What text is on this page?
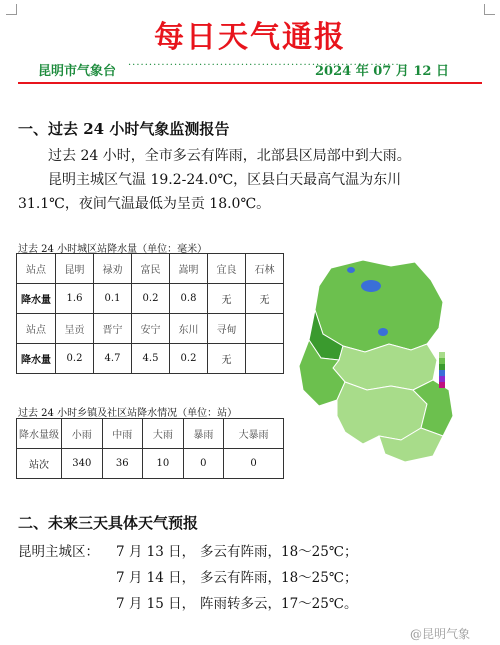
每日天气通报
昆明市气象台 ·································································
2024 年 07 月 12 日
一、过去 24 小时气象监测报告
过去 24 小时，全市多云有阵雨，北部县区局部中到大雨。
昆明主城区气温 19.2-24.0℃，区县白天最高气温为东川
31.1℃，夜间气温最低为呈贡 18.0℃。
过去 24 小时城区站降水量（单位：毫米）
站点	昆明	禄劝	富民	嵩明	宜良	石林
降水量	1.6	0.1	0.2	0.8	无	无
站点	呈贡	晋宁	安宁	东川	寻甸	
降水量	0.2	4.7	4.5	0.2	无	
过去 24 小时乡镇及社区站降水情况（单位：站）
降水量级	小雨	中雨	大雨	暴雨	大暴雨
站次	340	36	10	0	0
二、未来三天具体天气预报
昆明主城区： 7 月 13 日， 多云有阵雨，18～25℃；
7 月 14 日， 多云有阵雨，18～25℃；
7 月 15 日， 阵雨转多云，17～25℃。
@昆明气象
